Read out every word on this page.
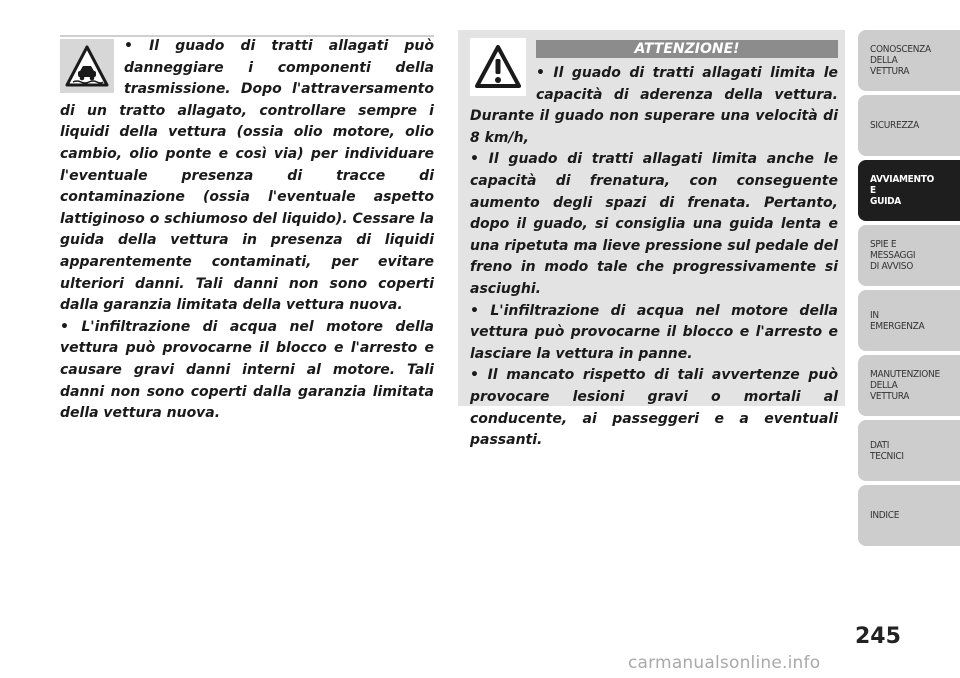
• Il guado di tratti allagati può danneggiare i componenti della trasmissione. Dopo l'attraversamento di un tratto allagato, controllare sempre i liquidi della vettura (ossia olio motore, olio cambio, olio ponte e così via) per individuare l'eventuale presenza di tracce di contaminazione (ossia l'eventuale aspetto lattiginoso o schiumoso del liquido). Cessare la guida della vettura in presenza di liquidi apparentemente contaminati, per evitare ulteriori danni. Tali danni non sono coperti dalla garanzia limitata della vettura nuova.

• L'infiltrazione di acqua nel motore della vettura può provocarne il blocco e l'arresto e causare gravi danni interni al motore. Tali danni non sono coperti dalla garanzia limitata della vettura nuova.

ATTENZIONE!

• Il guado di tratti allagati limita le capacità di aderenza della vettura. Durante il guado non superare una velocità di 8 km/h,

• Il guado di tratti allagati limita anche le capacità di frenatura, con conseguente aumento degli spazi di frenata. Pertanto, dopo il guado, si consiglia una guida lenta e una ripetuta ma lieve pressione sul pedale del freno in modo tale che progressivamente si asciughi.

• L'infiltrazione di acqua nel motore della vettura può provocarne il blocco e l'arresto e lasciare la vettura in panne.

• Il mancato rispetto di tali avvertenze può provocare lesioni gravi o mortali al conducente, ai passeggeri e a eventuali passanti.

CONOSCENZA
DELLA
VETTURA
SICUREZZA
AVVIAMENTO
E
GUIDA
SPIE E
MESSAGGI
DI AVVISO
IN
EMERGENZA
MANUTENZIONE
DELLA
VETTURA
DATI
TECNICI
INDICE
245
carmanualsonline.info
